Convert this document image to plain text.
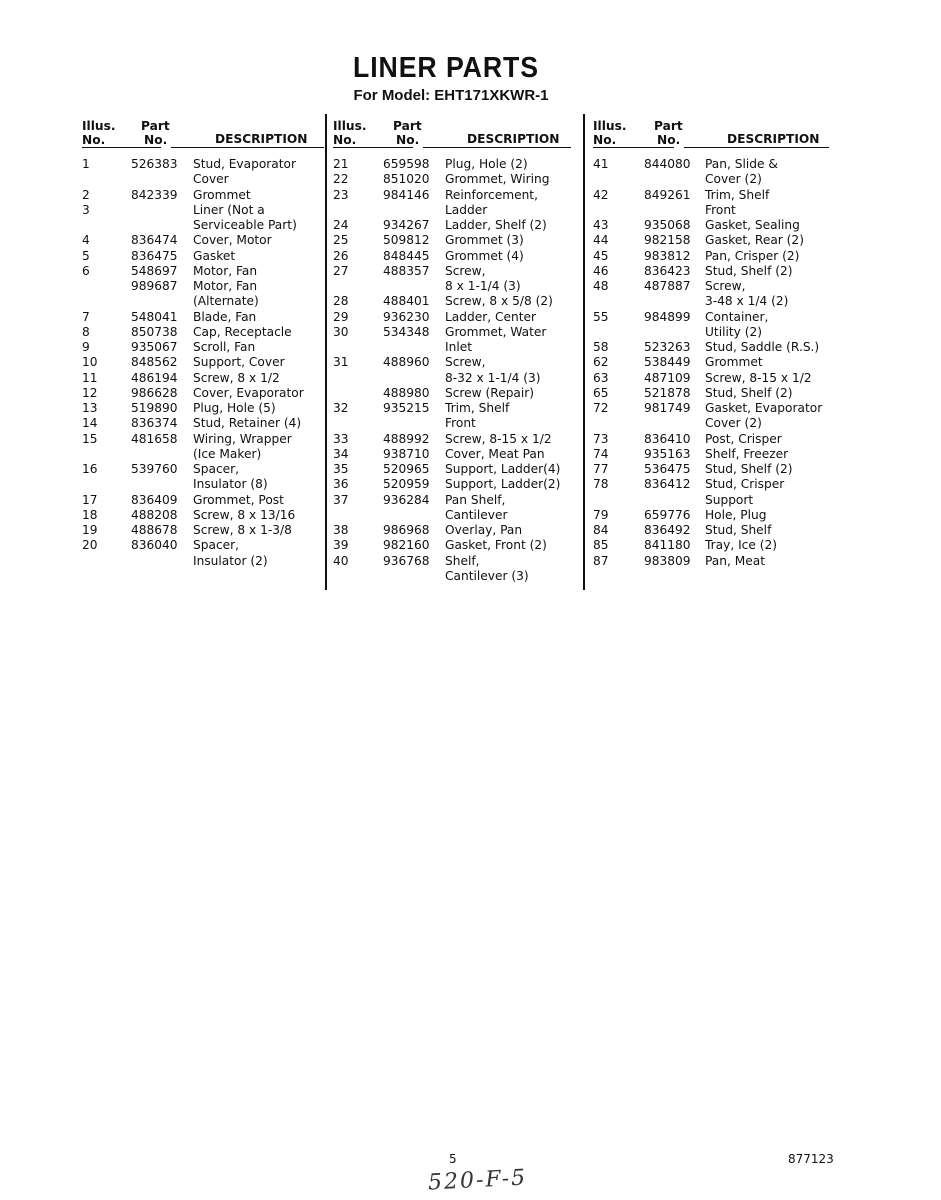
LINER PARTS
For Model: EHT171XKWR-1
Illus.
No.
Part
No.	DESCRIPTION
1	526383 Stud, Evaporator
Cover
2	842339 Grommet
3	Liner (Not a
Serviceable Part)
4	836474 Cover, Motor
5	836475 Gasket
6	548697 Motor, Fan
989687 Motor, Fan
(Alternate)
7	548041 Blade, Fan
8	850738 Cap, Receptacle
9	935067 Scroll, Fan
10	848562 Support, Cover
11	486194 Screw, 8 x 1/2
12	986628 Cover, Evaporator
13	519890 Plug, Hole (5)
14	836374 Stud, Retainer (4)
15	481658 Wiring, Wrapper
(Ice Maker)
16	539760 Spacer,
Insulator (8)
17	836409 Grommet, Post
18	488208 Screw, 8 x 13/16
19	488678 Screw, 8 x 1-3/8
20	836040 Spacer,
Insulator (2)
Illus.
No.
Part
No.	DESCRIPTION
21	659598 Plug, Hole (2)
22	851020 Grommet, Wiring
23	984146 Reinforcement,
Ladder
24	934267 Ladder, Shelf (2)
25	509812 Grommet (3)
26	848445 Grommet (4)
27	488357 Screw,
8 x 1-1/4 (3)
28	488401 Screw, 8 x 5/8 (2)
29	936230 Ladder, Center
30	534348 Grommet, Water
Inlet
31	488960 Screw,
8-32 x 1-1/4 (3)
488980 Screw (Repair)
32	935215 Trim, Shelf
Front
33	488992 Screw, 8-15 x 1/2
34	938710 Cover, Meat Pan
35	520965 Support, Ladder(4)
36	520959 Support, Ladder(2)
37	936284 Pan Shelf,
Cantilever
38	986968 Overlay, Pan
39	982160 Gasket, Front (2)
40	936768 Shelf,
Cantilever (3)
Illus.
No.
Part
No.	DESCRIPTION
41	844080 Pan, Slide &
Cover (2)
42	849261 Trim, Shelf
Front
43	935068 Gasket, Sealing
44	982158 Gasket, Rear (2)
45	983812 Pan, Crisper (2)
46	836423 Stud, Shelf (2)
48	487887 Screw,
3-48 x 1/4 (2)
55	984899 Container,
Utility (2)
58	523263 Stud, Saddle (R.S.)
62	538449 Grommet
63	487109 Screw, 8-15 x 1/2
65	521878 Stud, Shelf (2)
72	981749 Gasket, Evaporator
Cover (2)
73	836410 Post, Crisper
74	935163 Shelf, Freezer
77	536475 Stud, Shelf (2)
78	836412 Stud, Crisper
Support
79	659776 Hole, Plug
84	836492 Stud, Shelf
85	841180 Tray, Ice (2)
87	983809 Pan, Meat
5	877123
520-F-5
